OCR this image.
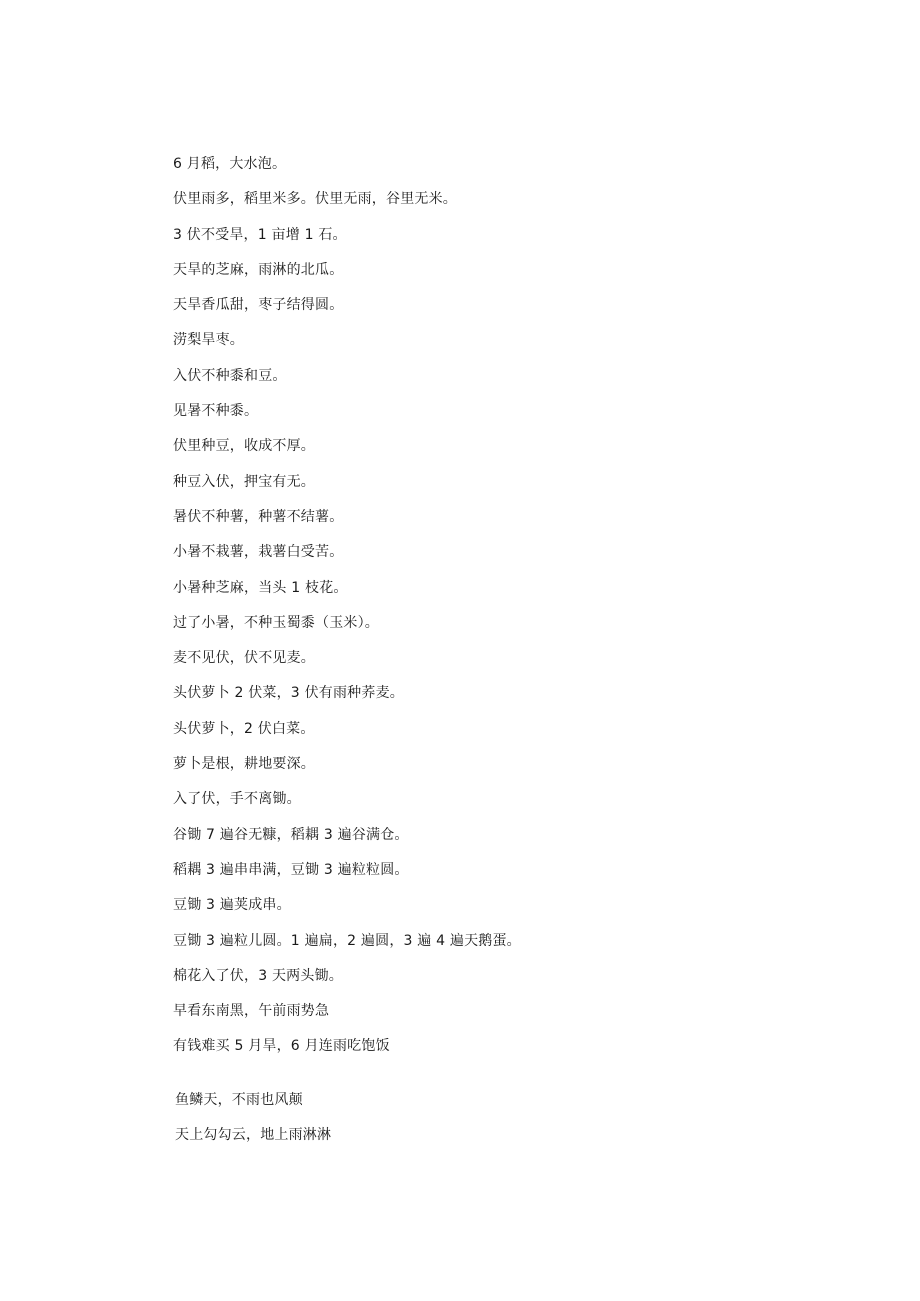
6 月稻，大水泡。
伏里雨多，稻里米多。伏里无雨，谷里无米。
3 伏不受旱，1 亩增 1 石。
天旱的芝麻，雨淋的北瓜。
天旱香瓜甜，枣子结得圆。
涝梨旱枣。
入伏不种黍和豆。
见暑不种黍。
伏里种豆，收成不厚。
种豆入伏，押宝有无。
暑伏不种薯，种薯不结薯。
小暑不栽薯，栽薯白受苦。
小暑种芝麻，当头 1 枝花。
过了小暑，不种玉蜀黍（玉米）。
麦不见伏，伏不见麦。
头伏萝卜 2 伏菜，3 伏有雨种荞麦。
头伏萝卜，2 伏白菜。
萝卜是根，耕地要深。
入了伏，手不离锄。
谷锄 7 遍谷无糠，稻耦 3 遍谷满仓。
稻耦 3 遍串串满，豆锄 3 遍粒粒圆。
豆锄 3 遍荚成串。
豆锄 3 遍粒儿圆。1 遍扁，2 遍圆，3 遍 4 遍天鹅蛋。
棉花入了伏，3 天两头锄。
早看东南黑，午前雨势急
有钱难买 5 月旱，6 月连雨吃饱饭
鱼鳞天，不雨也风颠
天上勾勾云，地上雨淋淋
